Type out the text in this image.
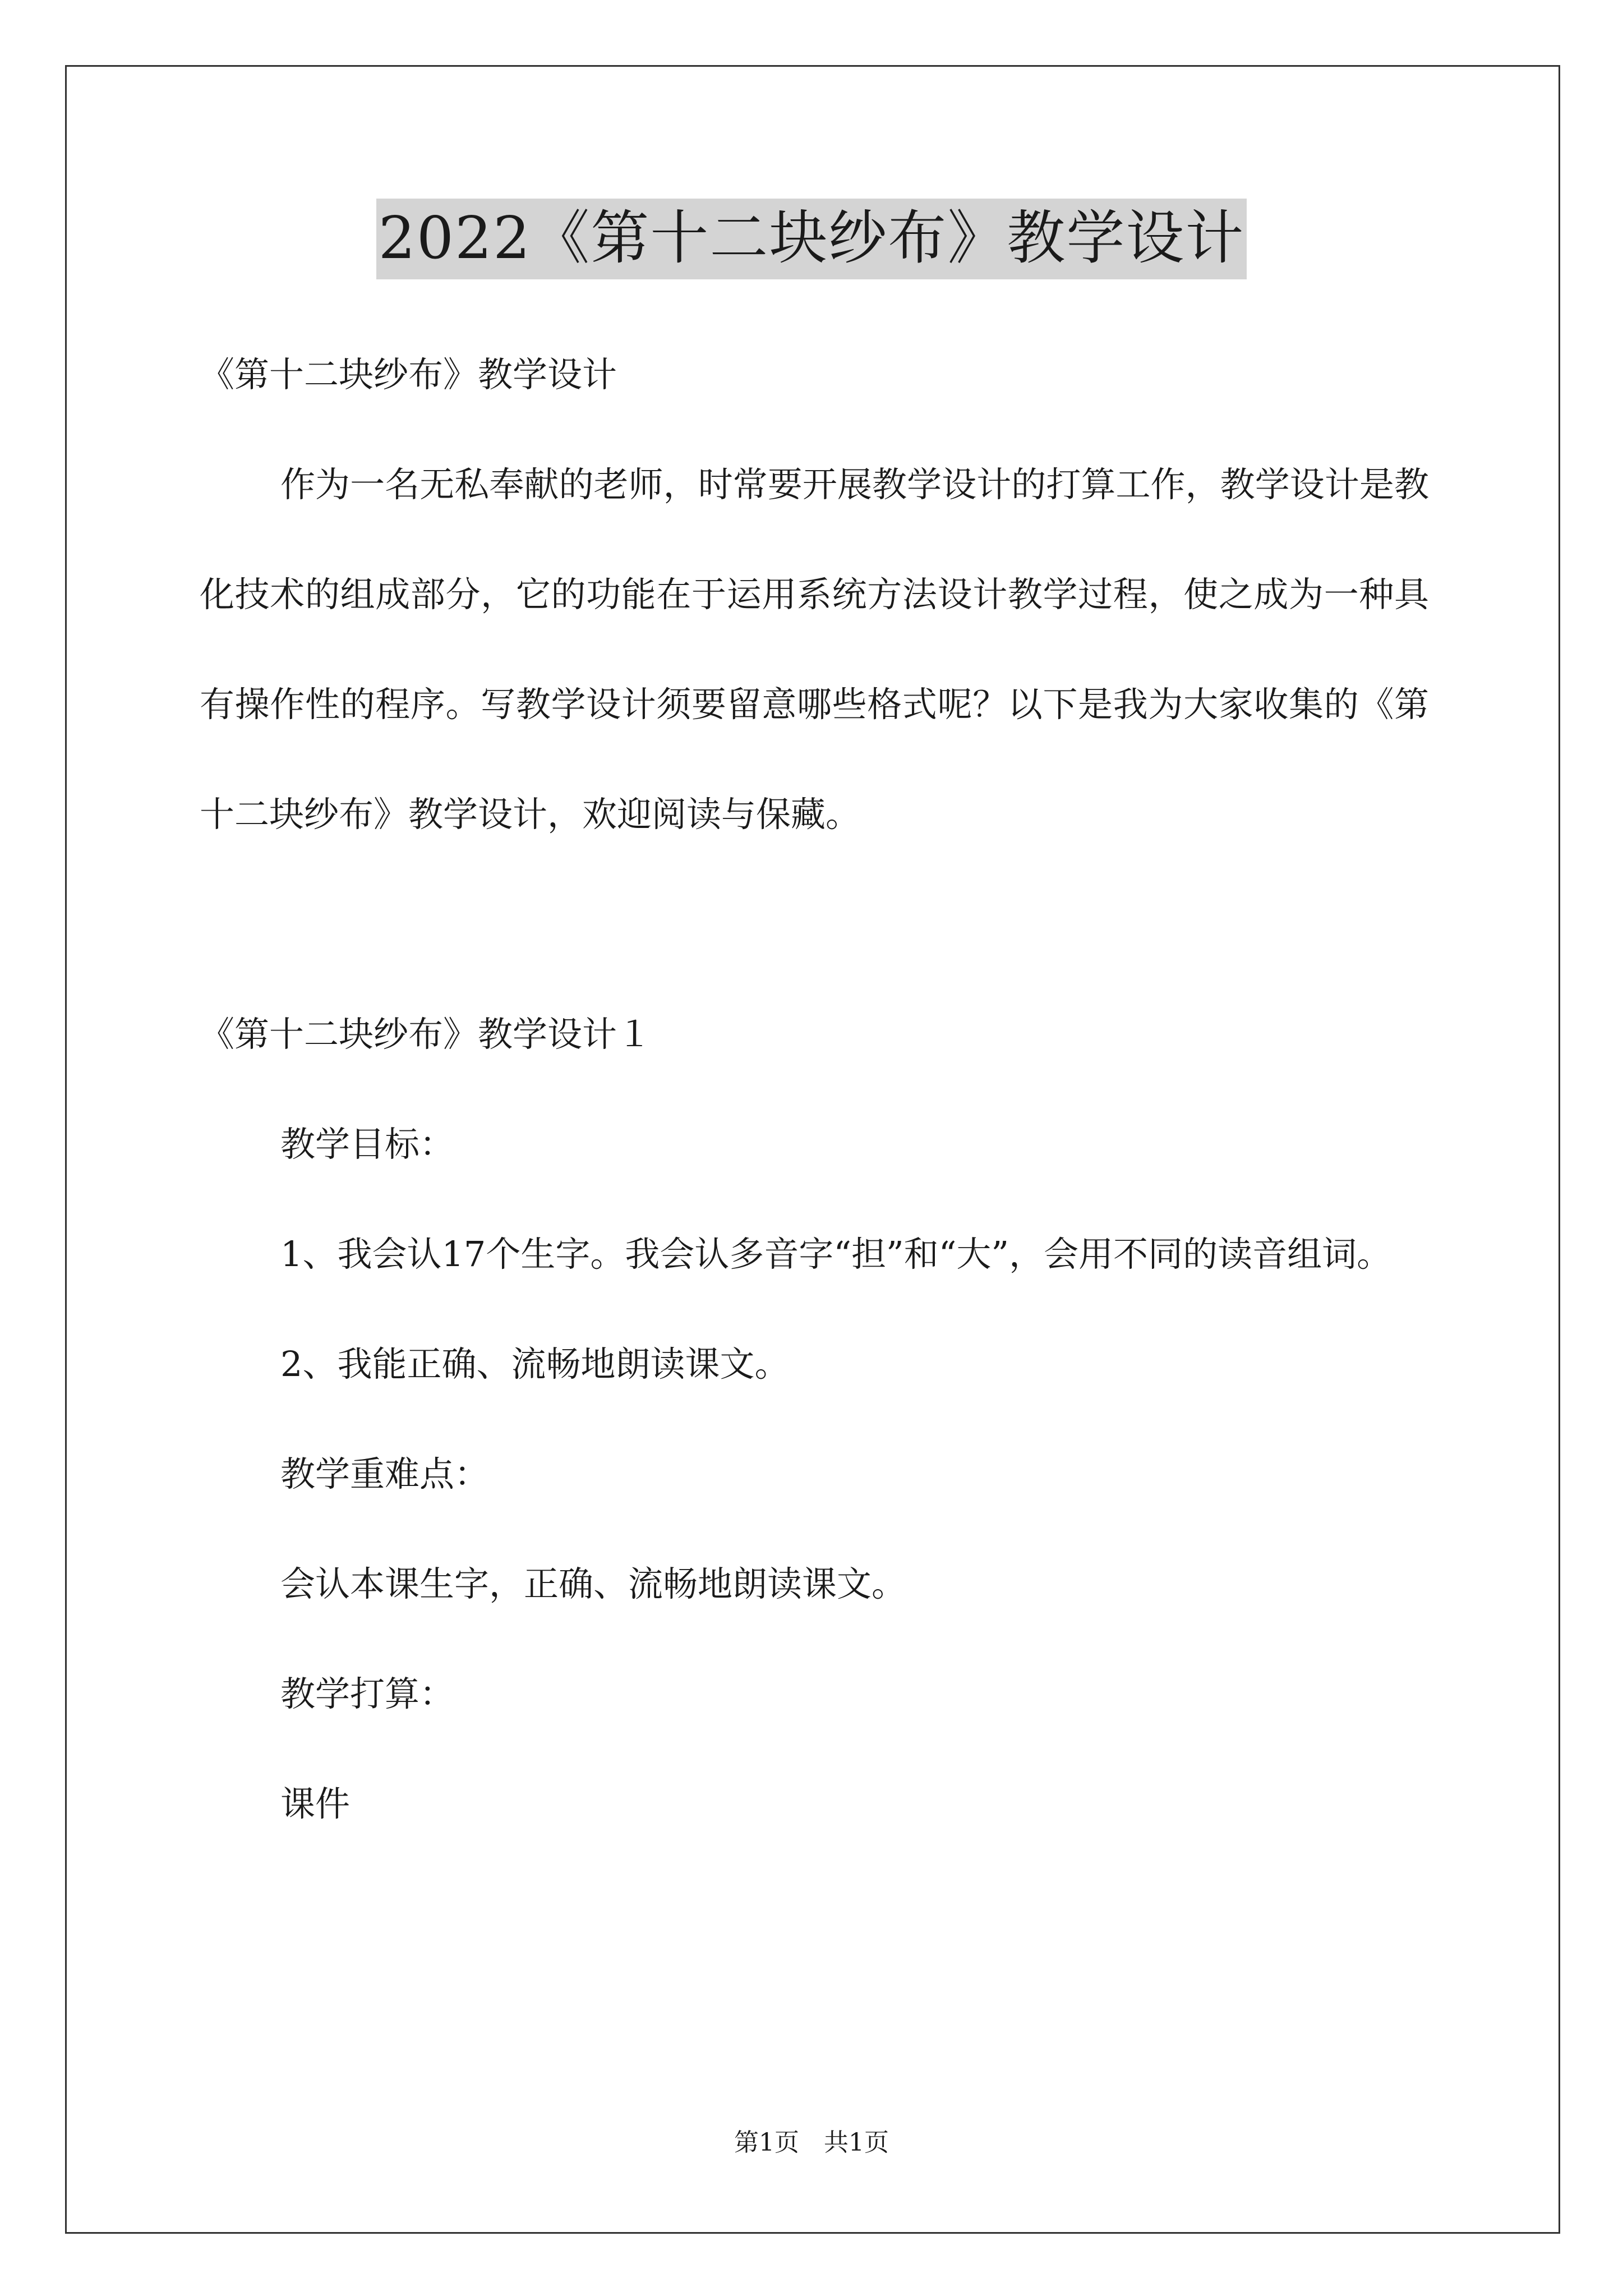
2022《第十二块纱布》教学设计

《第十二块纱布》教学设计

作为一名无私奉献的老师，时常要开展教学设计的打算工作，教学设计是教化技术的组成部分，它的功能在于运用系统方法设计教学过程，使之成为一种具有操作性的程序。写教学设计须要留意哪些格式呢？以下是我为大家收集的《第十二块纱布》教学设计，欢迎阅读与保藏。

《第十二块纱布》教学设计１

教学目标：

1、我会认17个生字。我会认多音字“担”和“大”，会用不同的读音组词。

2、我能正确、流畅地朗读课文。

教学重难点：

会认本课生字，正确、流畅地朗读课文。

教学打算：

课件

第1页　共1页
